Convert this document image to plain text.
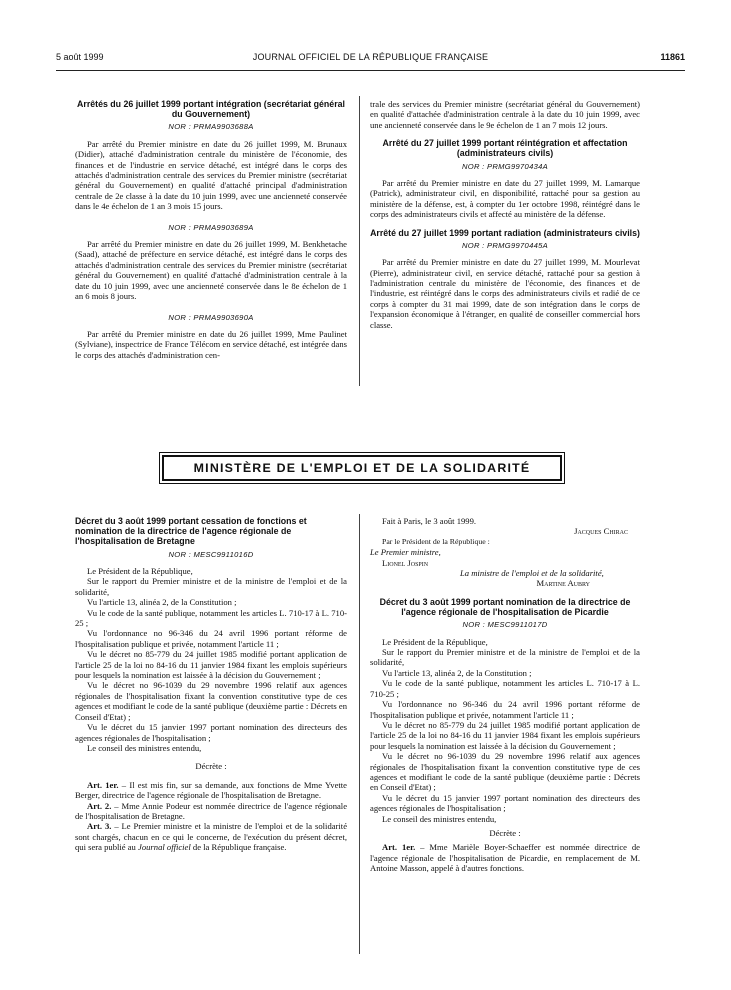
5 août 1999	JOURNAL OFFICIEL DE LA RÉPUBLIQUE FRANÇAISE	11861
Arrêtés du 26 juillet 1999 portant intégration (secrétariat général du Gouvernement)
NOR : PRMA9903688A

Par arrêté du Premier ministre en date du 26 juillet 1999, M. Brunaux (Didier), attaché d'administration centrale du ministère de l'économie, des finances et de l'industrie en service détaché, est intégré dans le corps des attachés d'administration centrale des services du Premier ministre (secrétariat général du Gouvernement) en qualité d'attaché principal d'administration centrale de 2e classe à la date du 10 juin 1999, avec une ancienneté conservée dans le 4e échelon de 1 an 3 mois 15 jours.

NOR : PRMA9903689A

Par arrêté du Premier ministre en date du 26 juillet 1999, M. Benkhetache (Saad), attaché de préfecture en service détaché, est intégré dans le corps des attachés d'administration centrale des services du Premier ministre (secrétariat général du Gouvernement) en qualité d'attaché d'administration centrale à la date du 10 juin 1999, avec une ancienneté conservée dans le 8e échelon de 1 an 6 mois 8 jours.

NOR : PRMA9903690A

Par arrêté du Premier ministre en date du 26 juillet 1999, Mme Paulinet (Sylviane), inspectrice de France Télécom en service détaché, est intégrée dans le corps des attachés d'administration cen-

trale des services du Premier ministre (secrétariat général du Gouvernement) en qualité d'attachée d'administration centrale à la date du 10 juin 1999, avec une ancienneté conservée dans le 9e échelon de 1 an 7 mois 12 jours.

Arrêté du 27 juillet 1999 portant réintégration et affectation (administrateurs civils)
NOR : PRMG9970434A

Par arrêté du Premier ministre en date du 27 juillet 1999, M. Lamarque (Patrick), administrateur civil, en disponibilité, rattaché pour sa gestion au ministère de la défense, est, à compter du 1er octobre 1998, réintégré dans le corps des administrateurs civils et affecté au ministère de la défense.

Arrêté du 27 juillet 1999 portant radiation (administrateurs civils)
NOR : PRMG9970445A

Par arrêté du Premier ministre en date du 27 juillet 1999, M. Mourlevat (Pierre), administrateur civil, en service détaché, rattaché pour sa gestion à l'administration centrale du ministère de l'économie, des finances et de l'industrie, est réintégré dans le corps des administrateurs civils et radié de ce corps à compter du 31 mai 1999, date de son intégration dans le corps de l'expansion économique à l'étranger, en qualité de conseiller commercial hors classe.

MINISTÈRE DE L'EMPLOI ET DE LA SOLIDARITÉ
Décret du 3 août 1999 portant cessation de fonctions et nomination de la directrice de l'agence régionale de l'hospitalisation de Bretagne
NOR : MESC9911016D

Le Président de la République,

Sur le rapport du Premier ministre et de la ministre de l'emploi et de la solidarité,

Vu l'article 13, alinéa 2, de la Constitution ;

Vu le code de la santé publique, notamment les articles L. 710-17 à L. 710-25 ;

Vu l'ordonnance no 96-346 du 24 avril 1996 portant réforme de l'hospitalisation publique et privée, notamment l'article 11 ;

Vu le décret no 85-779 du 24 juillet 1985 modifié portant application de l'article 25 de la loi no 84-16 du 11 janvier 1984 fixant les emplois supérieurs pour lesquels la nomination est laissée à la décision du Gouvernement ;

Vu le décret no 96-1039 du 29 novembre 1996 relatif aux agences régionales de l'hospitalisation fixant la convention constitutive type de ces agences et modifiant le code de la santé publique (deuxième partie : Décrets en Conseil d'Etat) ;

Vu le décret du 15 janvier 1997 portant nomination des directeurs des agences régionales de l'hospitalisation ;

Le conseil des ministres entendu,

Décrète :

Art. 1er. – Il est mis fin, sur sa demande, aux fonctions de Mme Yvette Berger, directrice de l'agence régionale de l'hospitalisation de Bretagne.

Art. 2. – Mme Annie Podeur est nommée directrice de l'agence régionale de l'hospitalisation de Bretagne.

Art. 3. – Le Premier ministre et la ministre de l'emploi et de la solidarité sont chargés, chacun en ce qui le concerne, de l'exécution du présent décret, qui sera publié au Journal officiel de la République française.

Fait à Paris, le 3 août 1999.

Jacques Chirac

Par le Président de la République :

Le Premier ministre,
Lionel Jospin
La ministre de l'emploi et de la solidarité,
Martine Aubry
Décret du 3 août 1999 portant nomination de la directrice de l'agence régionale de l'hospitalisation de Picardie
NOR : MESC9911017D

Le Président de la République,

Sur le rapport du Premier ministre et de la ministre de l'emploi et de la solidarité,

Vu l'article 13, alinéa 2, de la Constitution ;

Vu le code de la santé publique, notamment les articles L. 710-17 à L. 710-25 ;

Vu l'ordonnance no 96-346 du 24 avril 1996 portant réforme de l'hospitalisation publique et privée, notamment l'article 11 ;

Vu le décret no 85-779 du 24 juillet 1985 modifié portant application de l'article 25 de la loi no 84-16 du 11 janvier 1984 fixant les emplois supérieurs pour lesquels la nomination est laissée à la décision du Gouvernement ;

Vu le décret no 96-1039 du 29 novembre 1996 relatif aux agences régionales de l'hospitalisation fixant la convention constitutive type de ces agences et modifiant le code de la santé publique (deuxième partie : Décrets en Conseil d'Etat) ;

Vu le décret du 15 janvier 1997 portant nomination des directeurs des agences régionales de l'hospitalisation ;

Le conseil des ministres entendu,

Décrète :

Art. 1er. – Mme Marièle Boyer-Schaeffer est nommée directrice de l'agence régionale de l'hospitalisation de Picardie, en remplacement de M. Antoine Masson, appelé à d'autres fonctions.
